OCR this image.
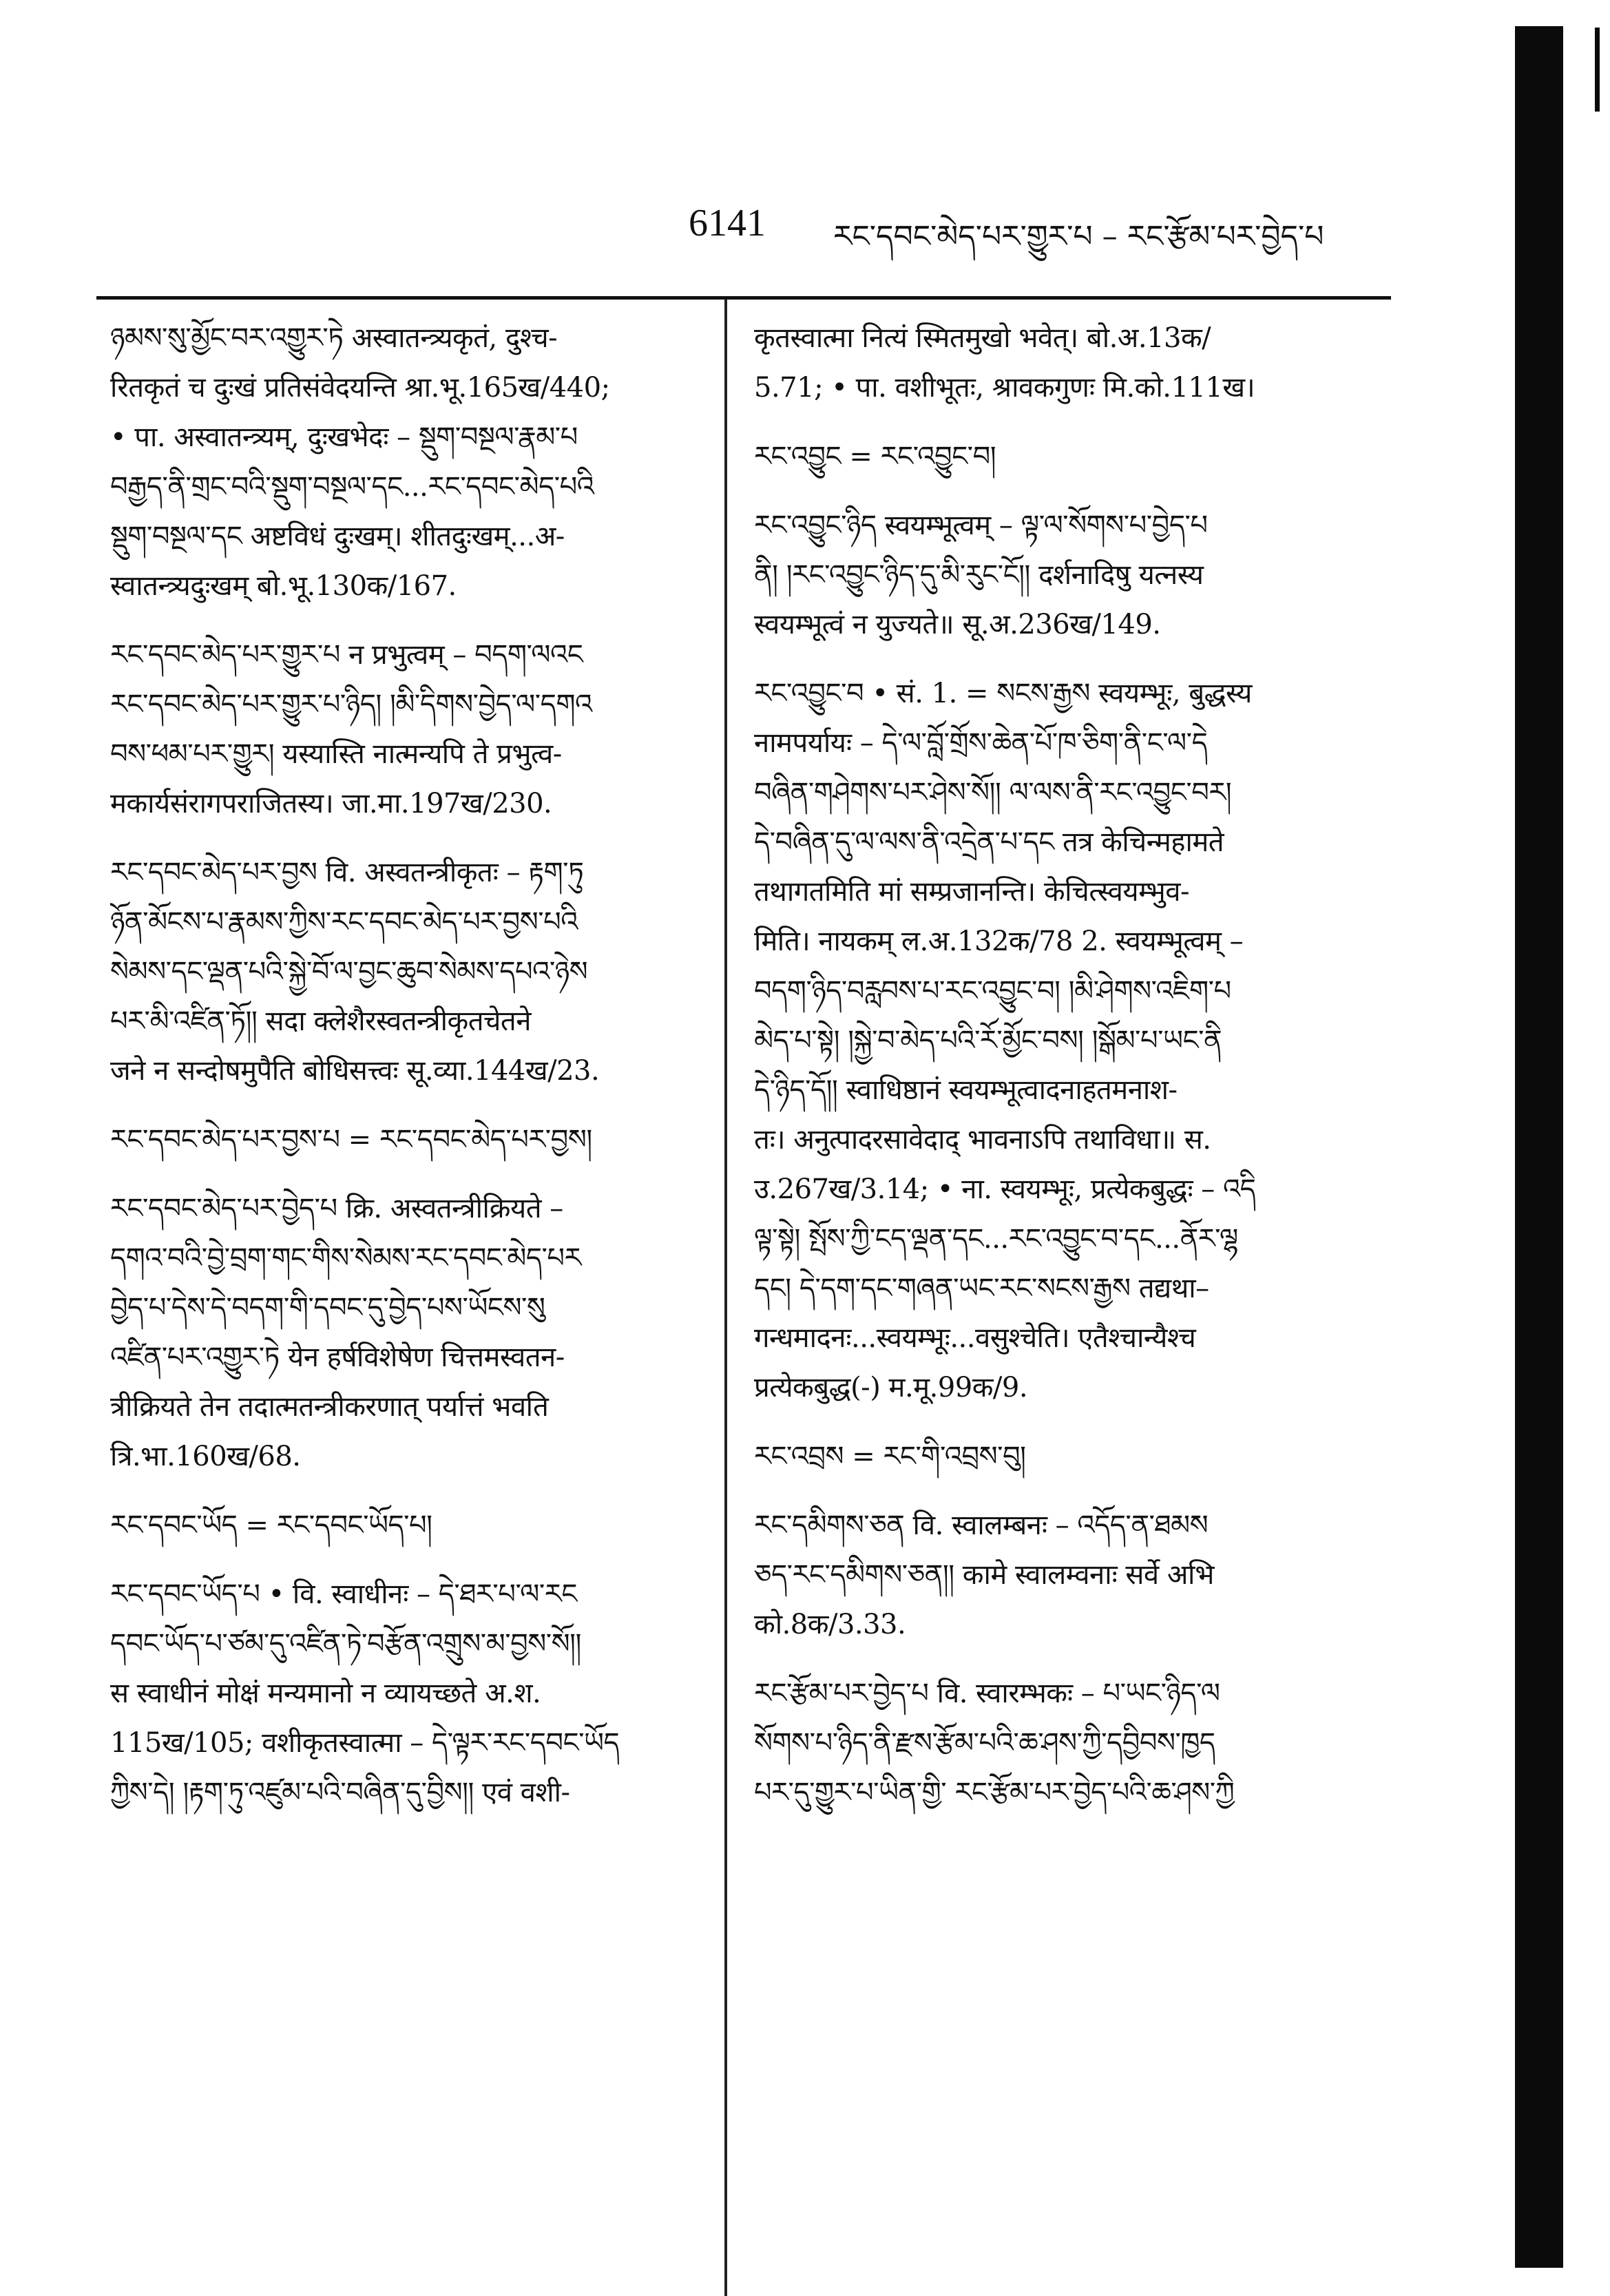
6141 རང་དབང་མེད་པར་གྱུར་པ – རང་རྩོམ་པར་བྱེད་པ
ཉམས་སུ་མྱོང་བར་འགྱུར་ཏེ अस्वातन्त्र्यकृतं, दुश्च-
रितकृतं च दुःखं प्रतिसंवेदयन्ति श्रा.भू.165ख/440;
• पा. अस्वातन्त्र्यम्, दुःखभेदः – སྡུག་བསྔལ་རྣམ་པ
བརྒྱད་ནི་གྲང་བའི་སྡུག་བསྔལ་དང...རང་དབང་མེད་པའི
སྡུག་བསྔལ་དང अष्टविधं दुःखम्। शीतदुःखम्...अ-
स्वातन्त्र्यदुःखम् बो.भू.130क/167.
རང་དབང་མེད་པར་གྱུར་པ न प्रभुत्वम् – བདག་ལའང
རང་དབང་མེད་པར་གྱུར་པ་ཉིད། །མི་དིགས་བྱེད་ལ་དགའ
བས་ཕམ་པར་གྱུར། यस्यास्ति नात्मन्यपि ते प्रभुत्व-
मकार्यसंरागपराजितस्य। जा.मा.197ख/230.
རང་དབང་མེད་པར་བྱས वि. अस्वतन्त्रीकृतः – རྟག་ཏུ
ཉོན་མོངས་པ་རྣམས་ཀྱིས་རང་དབང་མེད་པར་བྱས་པའི
སེམས་དང་ལྡན་པའི་སྐྱེ་བོ་ལ་བྱང་ཆུབ་སེམས་དཔའ་ཉེས
པར་མི་འཛིན་ཏོ།། सदा क्लेशैरस्वतन्त्रीकृतचेतने
जने न सन्दोषमुपैति बोधिसत्त्वः सू.व्या.144ख/23.
རང་དབང་མེད་པར་བྱས་པ = རང་དབང་མེད་པར་བྱས།
རང་དབང་མེད་པར་བྱེད་པ क्रि. अस्वतन्त्रीक्रियते –
དགའ་བའི་བྱེ་བྲག་གང་གིས་སེམས་རང་དབང་མེད་པར
བྱེད་པ་དེས་དེ་བདག་གི་དབང་དུ་བྱེད་པས་ཡོངས་སུ
འཛིན་པར་འགྱུར་ཏེ येन हर्षविशेषेण चित्तमस्वतन-
त्रीक्रियते तेन तदात्मतन्त्रीकरणात् पर्यात्तं भवति
त्रि.भा.160ख/68.
རང་དབང་ཡོད = རང་དབང་ཡོད་པ།
རང་དབང་ཡོད་པ • वि. स्वाधीनः – དེ་ཐར་པ་ལ་རང
དབང་ཡོད་པ་ཙམ་དུ་འཛིན་ཏེ་བརྩོན་འགྲུས་མ་བྱས་སོ།།
स स्वाधीनं मोक्षं मन्यमानो न व्यायच्छते अ.श.
115ख/105; वशीकृतस्वात्मा – དེ་ལྟར་རང་དབང་ཡོད
ཀྱིས་དེ། །རྟག་ཏུ་འཛུམ་པའི་བཞིན་དུ་བྱིས།། एवं वशी-
कृतस्वात्मा नित्यं स्मितमुखो भवेत्। बो.अ.13क/
5.71; • पा. वशीभूतः, श्रावकगुणः मि.को.111ख।
རང་འབྱུང = རང་འབྱུང་བ།
རང་འབྱུང་ཉིད स्वयम्भूत्वम् – ལྟ་ལ་སོགས་པ་བྱེད་པ
ནི། །རང་འབྱུང་ཉིད་དུ་མི་རུང་ངོ།། दर्शनादिषु यत्नस्य
स्वयम्भूत्वं न युज्यते॥ सू.अ.236ख/149.
རང་འབྱུང་བ • सं. 1. = སངས་རྒྱས स्वयम्भूः, बुद्धस्य
नामपर्यायः – དེ་ལ་བློ་གྲོས་ཆེན་པོ་ཁ་ཅིག་ནི་ང་ལ་དེ
བཞིན་གཤེགས་པར་ཤེས་སོ།། ལ་ལས་ནི་རང་འབྱུང་བར།
དེ་བཞིན་དུ་ལ་ལས་ནི་འདྲེན་པ་དང तत्र केचिन्महामते
तथागतमिति मां सम्प्रजानन्ति। केचित्स्वयम्भुव-
मिति। नायकम् ल.अ.132क/78 2. स्वयम्भूत्वम् –
བདག་ཉིད་བརླབས་པ་རང་འབྱུང་བ། །མི་ཤེགས་འཇིག་པ
མེད་པ་སྟེ། །སྐྱེ་བ་མེད་པའི་རོ་མྱོང་བས། །སྒོམ་པ་ཡང་ནི
དེ་ཉིད་དོ།། स्वाधिष्ठानं स्वयम्भूत्वादनाहतमनाश-
तः। अनुत्पादरसावेदाद् भावनाऽपि तथाविधा॥ स.
उ.267ख/3.14; • ना. स्वयम्भूः, प्रत्येकबुद्धः – འདི
ལྟ་སྟེ། སྤོས་ཀྱི་ངད་ལྡན་དང...རང་འབྱུང་བ་དང...ནོར་ལྷ
དང། དེ་དག་དང་གཞན་ཡང་རང་སངས་རྒྱས तद्यथा–
गन्धमादनः...स्वयम्भूः...वसुश्चेति। एतैश्चान्यैश्च
प्रत्येकबुद्ध(-) म.मू.99क/9.
རང་འབྲས = རང་གི་འབྲས་བུ།
རང་དམིགས་ཅན वि. स्वालम्बनः – འདོད་ན་ཐམས
ཅད་རང་དམིགས་ཅན།། कामे स्वालम्वनाः सर्वे अभि
को.8क/3.33.
རང་རྩོམ་པར་བྱེད་པ वि. स्वारम्भकः – པ་ཡང་ཉིད་ལ
སོགས་པ་ཉིད་ནི་རྫས་རྩོམ་པའི་ཆ་ཤས་ཀྱི་དབྱིབས་ཁྱད
པར་དུ་གྱུར་པ་ཡིན་གྱི་ རང་རྩོམ་པར་བྱེད་པའི་ཆ་ཤས་ཀྱི
